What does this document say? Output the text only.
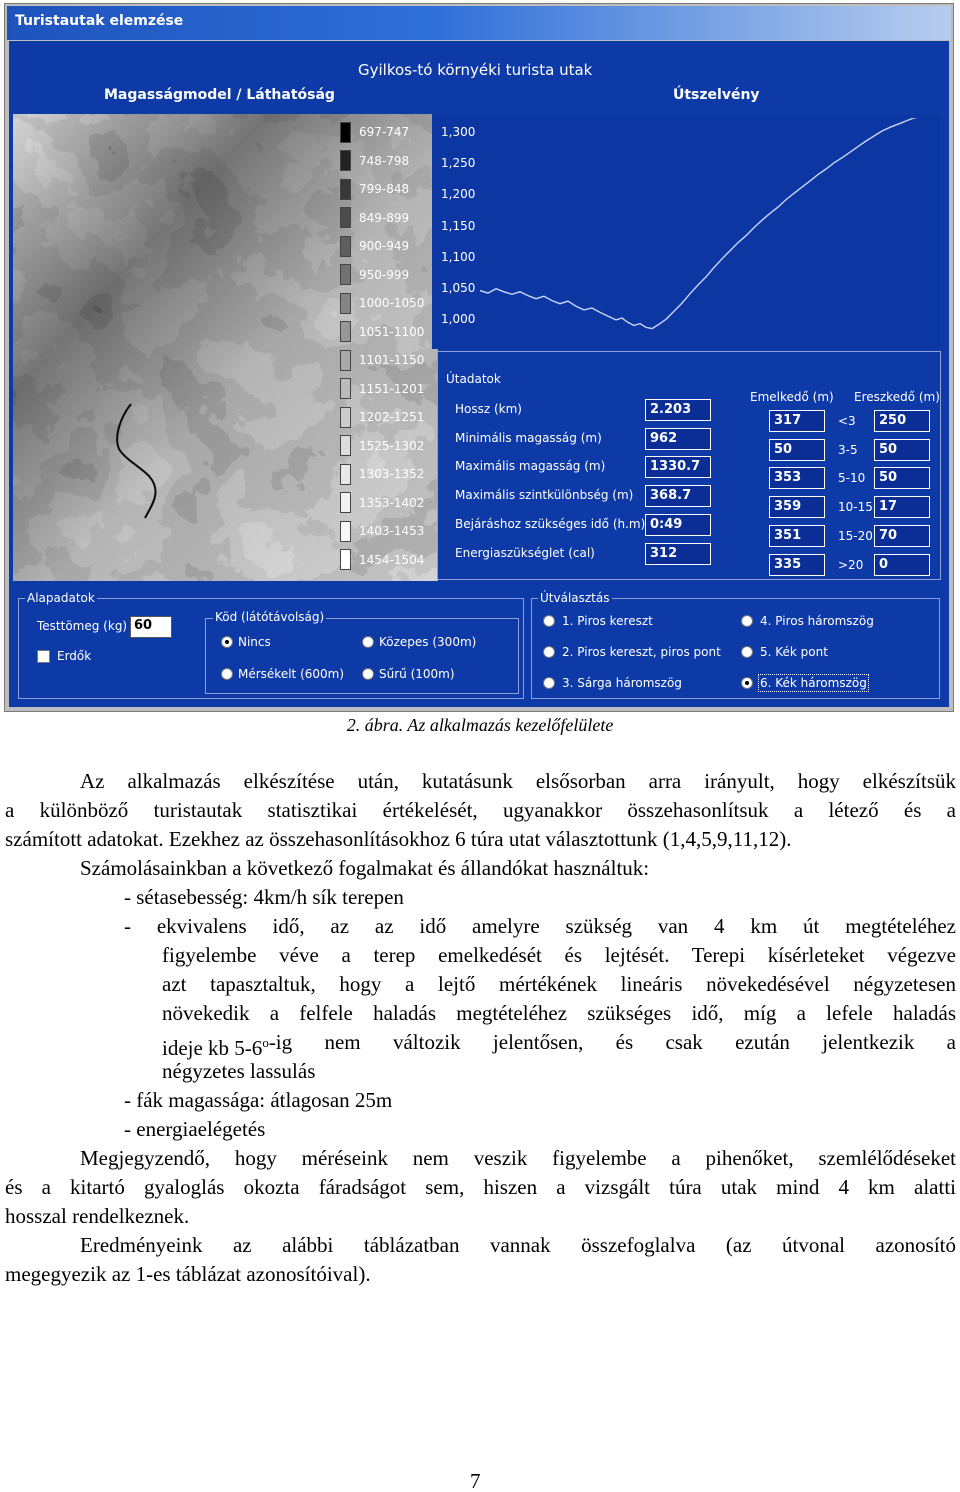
Turistautak elemzése
Gyilkos-tó környéki turista utak
Magasságmodel / Láthatóság	Útszelvény
697-747
748-798
799-848
849-899
900-949
950-999
1000-1050
1051-1100
1101-1150
1151-1201
1202-1251
1525-1302
1303-1352
1353-1402
1403-1453
1454-1504
1,300
1,250
1,200
1,150
1,100
1,050
1,000
Útadatok
Emelkedő (m) Ereszkedő (m)
Hossz (km)	2.203
Minimális magasság (m)	962
Maximális magasság (m)	1330.7
Maximális szintkülönbség (m)	368.7
Bejáráshoz szükséges idő (h.m) 0:49
Energiaszükséglet (cal)	312
317	<3	250
50	3-5	50
353	5-10	50
359	10-15 17
351	15-20 70
335	>20	0
Alapadatok
Testtömeg (kg) 60
Erdők
Köd (látótávolság)
Nincs	Közepes (300m)
Mérsékelt (600m)	Sűrű (100m)
Útválasztás
1. Piros kereszt
2. Piros kereszt, piros pont
3. Sárga háromszög
4. Piros háromszög
5. Kék pont
6. Kék háromszög
2. ábra. Az alkalmazás kezelőfelülete
Az alkalmazás elkészítése után, kutatásunk elsősorban arra irányult, hogy elkészítsük
a különböző turistautak statisztikai értékelését, ugyanakkor összehasonlítsuk a létező és a
számított adatokat. Ezekhez az összehasonlításokhoz 6 túra utat választottunk (1,4,5,9,11,12).
Számolásainkban a következő fogalmakat és állandókat használtuk:
- sétasebesség: 4km/h sík terepen
- ekvivalens idő, az az idő amelyre szükség van 4 km út megtételéhez
figyelembe véve a terep emelkedését és lejtését. Terepi kísérleteket végezve
azt tapasztaltuk, hogy a lejtő mértékének lineáris növekedésével négyzetesen
növekedik a felfele haladás megtételéhez szükséges idő, míg a lefele haladás
ideje kb 5-6$^o$ -ig nem változik jelentősen, és csak ezután jelentkezik a
négyzetes lassulás
- fák magassága: átlagosan 25m
- energiaelégetés
Megjegyzendő, hogy méréseink nem veszik figyelembe a pihenőket, szemlélődéseket
és a kitartó gyaloglás okozta fáradságot sem, hiszen a vizsgált túra utak mind 4 km alatti
hosszal rendelkeznek.
Eredményeink az alábbi táblázatban vannak összefoglalva (az útvonal azonosító
megegyezik az 1-es táblázat azonosítóival).
7
